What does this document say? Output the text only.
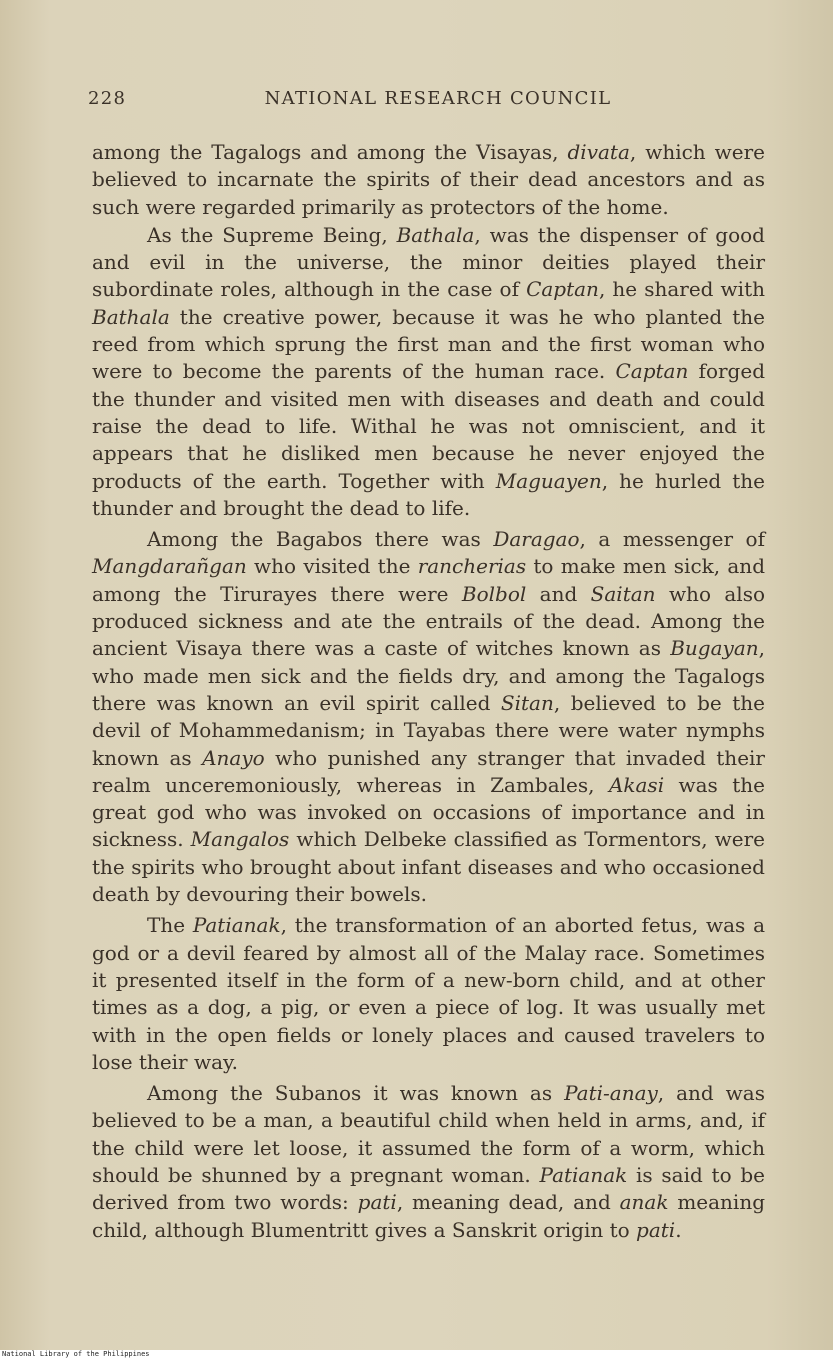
228	NATIONAL RESEARCH COUNCIL

among the Tagalogs and among the Visayas, divata, which were believed to incarnate the spirits of their dead ancestors and as such were regarded primarily as protectors of the home.

As the Supreme Being, Bathala, was the dispenser of good and evil in the universe, the minor deities played their subordinate roles, although in the case of Captan, he shared with Bathala the creative power, because it was he who planted the reed from which sprung the first man and the first woman who were to become the parents of the human race. Captan forged the thunder and visited men with diseases and death and could raise the dead to life. Withal he was not omniscient, and it appears that he disliked men because he never enjoyed the products of the earth. Together with Maguayen, he hurled the thunder and brought the dead to life.

Among the Bagabos there was Daragao, a messenger of Mangdarañgan who visited the rancherias to make men sick, and among the Tirurayes there were Bolbol and Saitan who also produced sickness and ate the entrails of the dead. Among the ancient Visaya there was a caste of witches known as Bugayan, who made men sick and the fields dry, and among the Tagalogs there was known an evil spirit called Sitan, believed to be the devil of Mohammedanism; in Tayabas there were water nymphs known as Anayo who punished any stranger that invaded their realm unceremoniously, whereas in Zambales, Akasi was the great god who was invoked on occasions of importance and in sickness. Mangalos which Delbeke classified as Tormentors, were the spirits who brought about infant diseases and who occasioned death by devouring their bowels.

The Patianak, the transformation of an aborted fetus, was a god or a devil feared by almost all of the Malay race. Sometimes it presented itself in the form of a new-born child, and at other times as a dog, a pig, or even a piece of log. It was usually met with in the open fields or lonely places and caused travelers to lose their way.

Among the Subanos it was known as Pati-anay, and was believed to be a man, a beautiful child when held in arms, and, if the child were let loose, it assumed the form of a worm, which should be shunned by a pregnant woman. Patianak is said to be derived from two words: pati, meaning dead, and anak meaning child, although Blumentritt gives a Sanskrit origin to pati.

National Library of the Philippines
